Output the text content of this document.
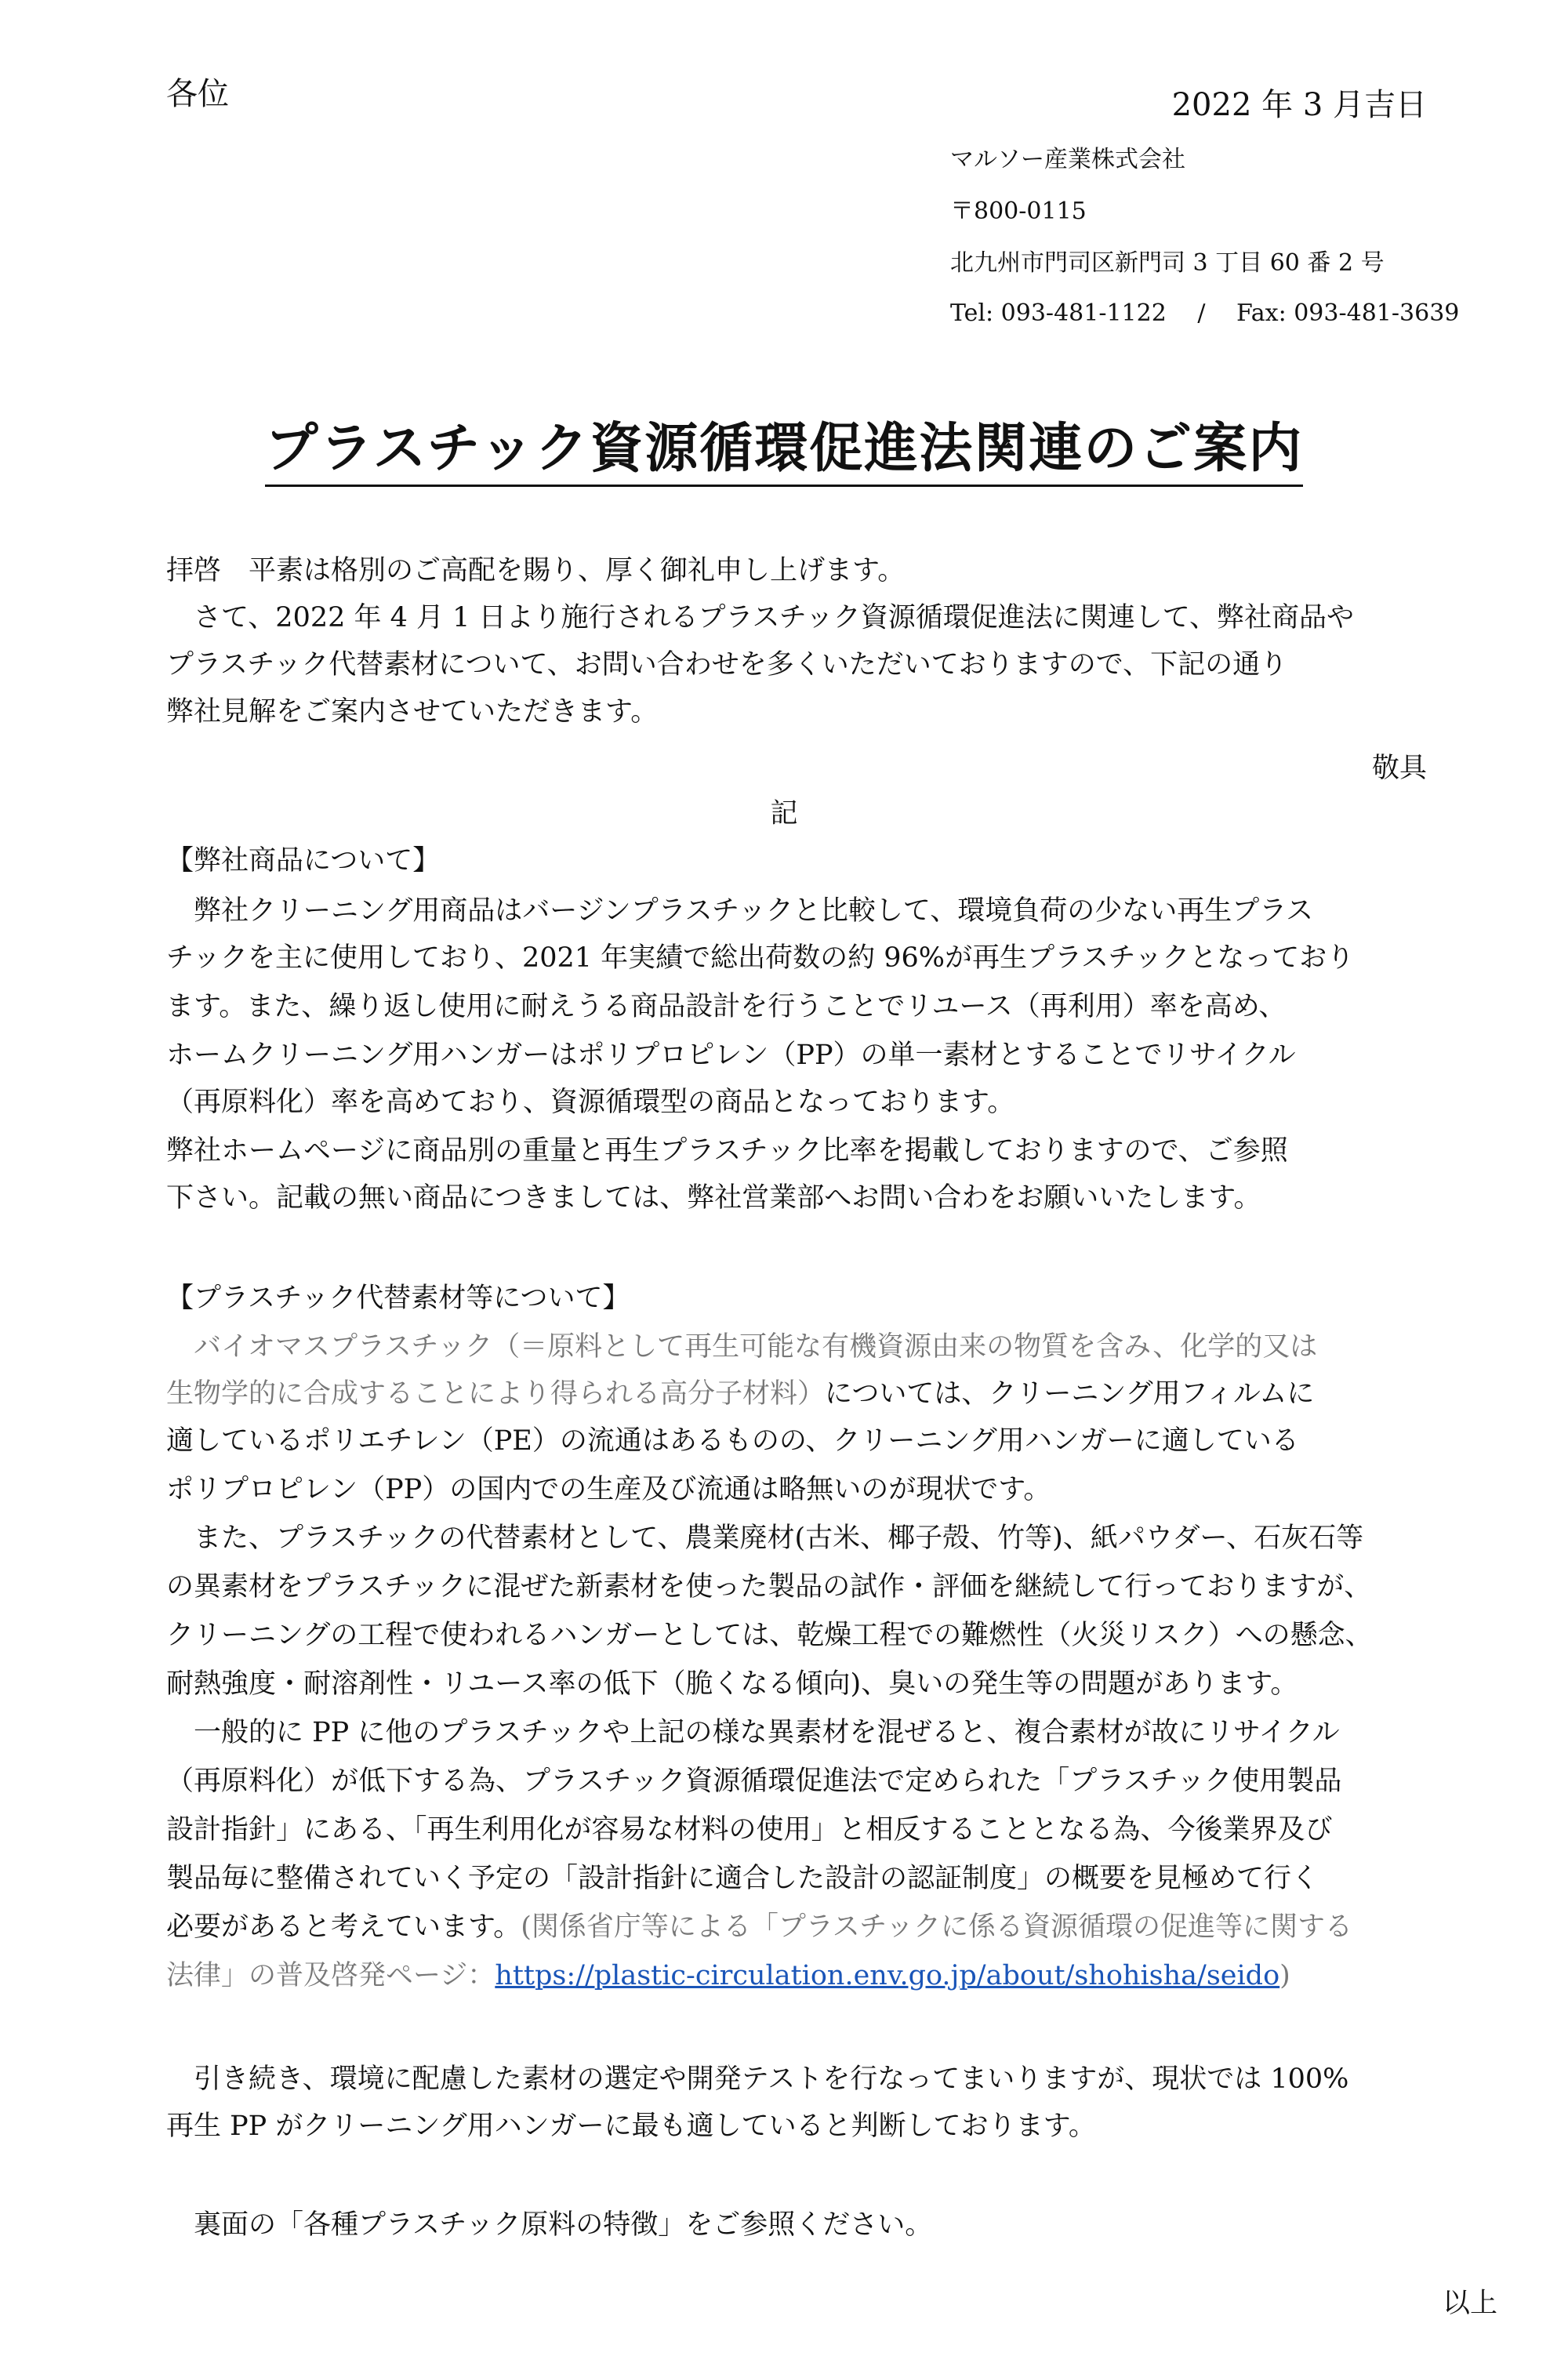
各位	2022 年 3 月吉日
マルソー産業株式会社
〒800-0115
北九州市門司区新門司 3 丁目 60 番 2 号
Tel: 093-481-1122　 /　 Fax: 093-481-3639
プラスチック資源循環促進法関連のご案内
拝啓　平素は格別のご高配を賜り、厚く御礼申し上げます。
　さて、2022 年 4 月 1 日より施行されるプラスチック資源循環促進法に関連して、弊社商品や
プラスチック代替素材について、お問い合わせを多くいただいておりますので、下記の通り
弊社見解をご案内させていただきます。
敬具
記
【弊社商品について】
　弊社クリーニング用商品はバージンプラスチックと比較して、環境負荷の少ない再生プラス
チックを主に使用しており、2021 年実績で総出荷数の約 96%が再生プラスチックとなっており
ます。また、繰り返し使用に耐えうる商品設計を行うことでリユース（再利用）率を高め、
ホームクリーニング用ハンガーはポリプロピレン（PP）の単一素材とすることでリサイクル
（再原料化）率を高めており、資源循環型の商品となっております。
弊社ホームページに商品別の重量と再生プラスチック比率を掲載しておりますので、ご参照
下さい。記載の無い商品につきましては、弊社営業部へお問い合わをお願いいたします。
【プラスチック代替素材等について】
　バイオマスプラスチック（＝原料として再生可能な有機資源由来の物質を含み、化学的又は
生物学的に合成することにより得られる高分子材料）については、クリーニング用フィルムに
適しているポリエチレン（PE）の流通はあるものの、クリーニング用ハンガーに適している
ポリプロピレン（PP）の国内での生産及び流通は略無いのが現状です。
　また、プラスチックの代替素材として、農業廃材(古米、椰子殻、竹等)、紙パウダー、石灰石等
の異素材をプラスチックに混ぜた新素材を使った製品の試作・評価を継続して行っておりますが、
クリーニングの工程で使われるハンガーとしては、乾燥工程での難燃性（火災リスク）への懸念、
耐熱強度・耐溶剤性・リユース率の低下（脆くなる傾向)、臭いの発生等の問題があります。
　一般的に PP に他のプラスチックや上記の様な異素材を混ぜると、複合素材が故にリサイクル
（再原料化）が低下する為、プラスチック資源循環促進法で定められた「プラスチック使用製品
設計指針」にある、「再生利用化が容易な材料の使用」と相反することとなる為、今後業界及び
製品毎に整備されていく予定の「設計指針に適合した設計の認証制度」の概要を見極めて行く
必要があると考えています。(関係省庁等による「プラスチックに係る資源循環の促進等に関する
法律」の普及啓発ページ：https://plastic-circulation.env.go.jp/about/shohisha/seido)
　引き続き、環境に配慮した素材の選定や開発テストを行なってまいりますが、現状では 100%
再生 PP がクリーニング用ハンガーに最も適していると判断しております。
　裏面の「各種プラスチック原料の特徴」をご参照ください。
以上
